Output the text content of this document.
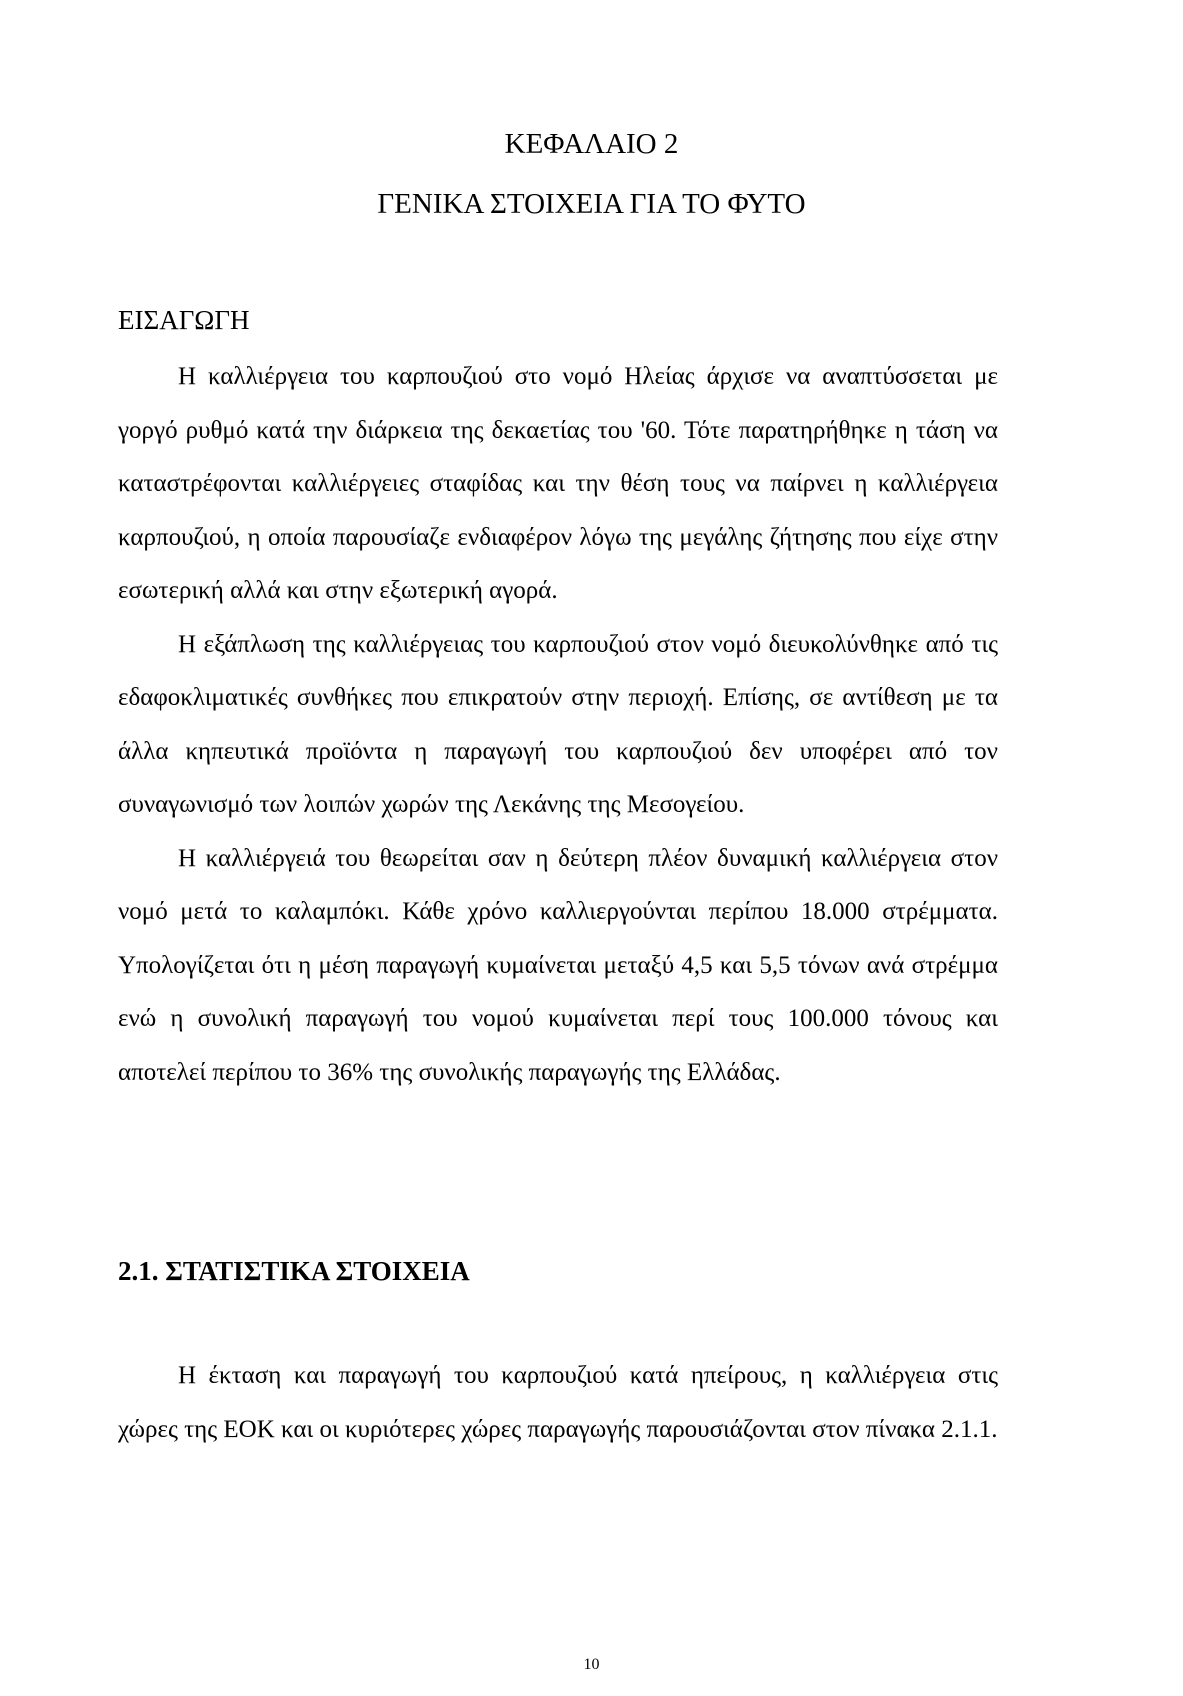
ΚΕΦΑΛΑΙΟ 2
ΓΕΝΙΚΑ ΣΤΟΙΧΕΙΑ ΓΙΑ ΤΟ ΦΥΤΟ
ΕΙΣΑΓΩΓΗ

Η καλλιέργεια του καρπουζιού στο νομό Ηλείας άρχισε να αναπτύσσεται με γοργό ρυθμό κατά την διάρκεια της δεκαετίας του '60. Τότε παρατηρήθηκε η τάση να καταστρέφονται καλλιέργειες σταφίδας και την θέση τους να παίρνει η καλλιέργεια καρπουζιού, η οποία παρουσίαζε ενδιαφέρον λόγω της μεγάλης ζήτησης που είχε στην εσωτερική αλλά και στην εξωτερική αγορά.

Η εξάπλωση της καλλιέργειας του καρπουζιού στον νομό διευκολύνθηκε από τις εδαφοκλιματικές συνθήκες που επικρατούν στην περιοχή. Επίσης, σε αντίθεση με τα άλλα κηπευτικά προϊόντα η παραγωγή του καρπουζιού δεν υποφέρει από τον συναγωνισμό των λοιπών χωρών της Λεκάνης της Μεσογείου.

Η καλλιέργειά του θεωρείται σαν η δεύτερη πλέον δυναμική καλλιέργεια στον νομό μετά το καλαμπόκι. Κάθε χρόνο καλλιεργούνται περίπου 18.000 στρέμματα. Υπολογίζεται ότι η μέση παραγωγή κυμαίνεται μεταξύ 4,5 και 5,5 τόνων ανά στρέμμα ενώ η συνολική παραγωγή του νομού κυμαίνεται περί τους 100.000 τόνους και αποτελεί περίπου το 36% της συνολικής παραγωγής της Ελλάδας.

2.1. ΣΤΑΤΙΣΤΙΚΑ ΣΤΟΙΧΕΙΑ

Η έκταση και παραγωγή του καρπουζιού κατά ηπείρους, η καλλιέργεια στις χώρες της ΕΟΚ και οι κυριότερες χώρες παραγωγής παρουσιάζονται στον πίνακα 2.1.1.

10
